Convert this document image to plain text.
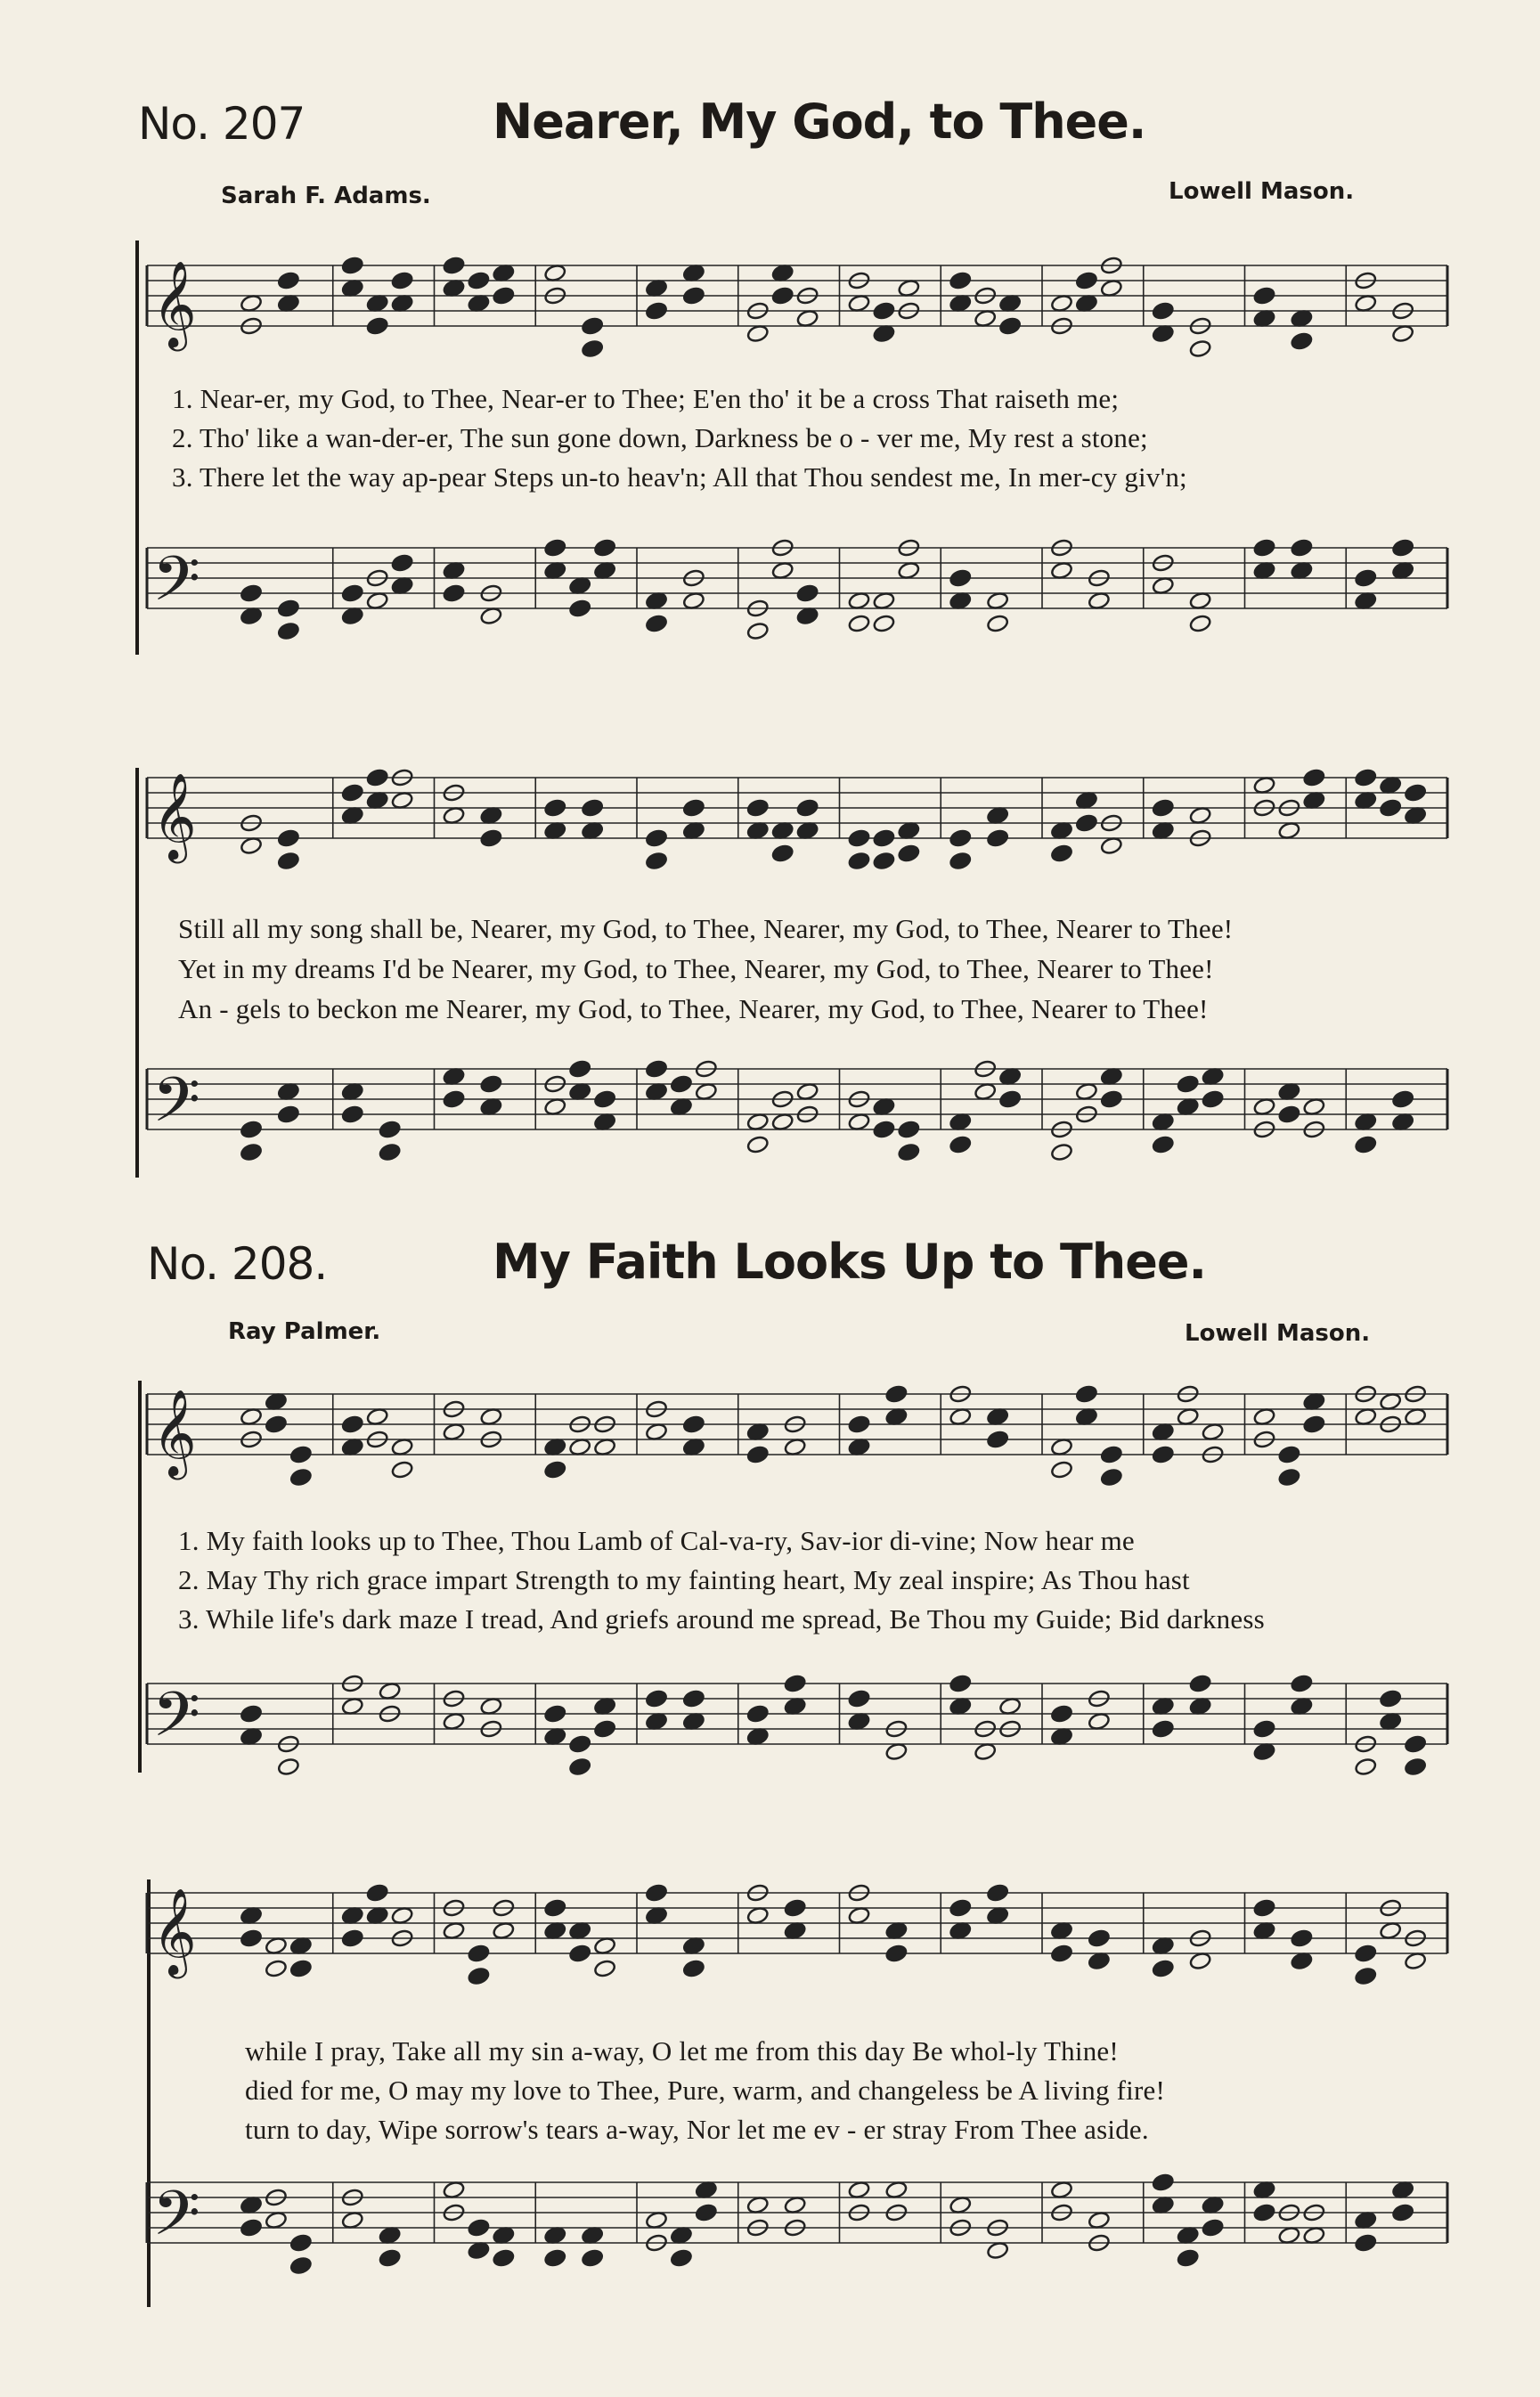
No. 207	Nearer, My God, to Thee.
Sarah F. Adams.	Lowell Mason.
𝄞
1. Near-er, my God, to Thee, Near-er to Thee; E'en tho' it be a cross That raiseth me;
2. Tho' like a wan-der-er, The sun gone down, Darkness be o - ver me, My rest a stone;
3. There let the way ap-pear Steps un-to heav'n; All that Thou sendest me, In mer-cy giv'n;
𝄢
𝄞
Still all my song shall be, Nearer, my God, to Thee, Nearer, my God, to Thee, Nearer to Thee!
Yet in my dreams I'd be Nearer, my God, to Thee, Nearer, my God, to Thee, Nearer to Thee!
An - gels to beckon me Nearer, my God, to Thee, Nearer, my God, to Thee, Nearer to Thee!
𝄢
No. 208.	My Faith Looks Up to Thee.
Ray Palmer.	Lowell Mason.
𝄞
1. My faith looks up to Thee, Thou Lamb of Cal-va-ry, Sav-ior di-vine; Now hear me
2. May Thy rich grace impart Strength to my fainting heart, My zeal inspire; As Thou hast
3. While life's dark maze I tread, And griefs around me spread, Be Thou my Guide; Bid darkness
𝄢
𝄞
while I pray, Take all my sin a-way, O let me from this day Be whol-ly Thine!
died for me, O may my love to Thee, Pure, warm, and changeless be A living fire!
turn to day, Wipe sorrow's tears a-way, Nor let me ev - er stray From Thee aside.
𝄢
